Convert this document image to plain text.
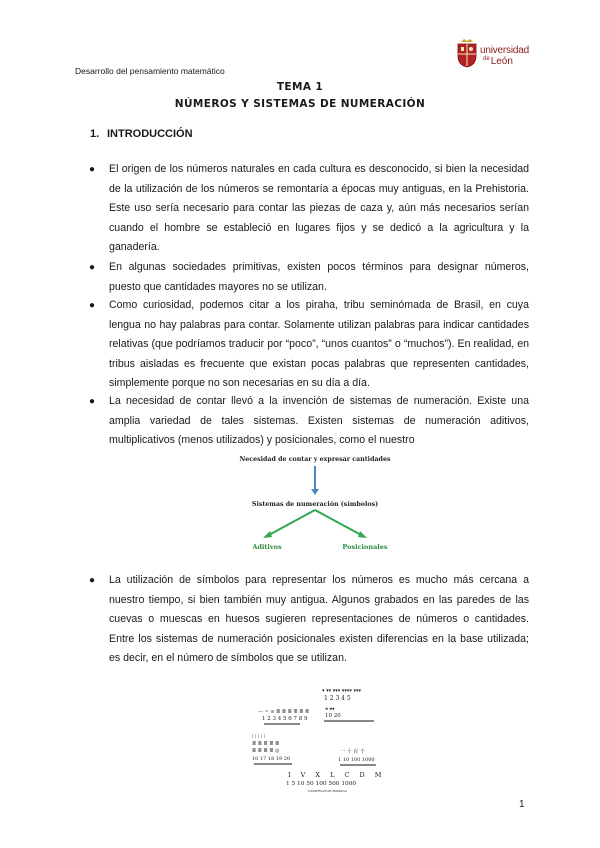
Desarrollo del pensamiento matemático
universidad
$^{de}$León
TEMA 1
NÚMEROS Y SISTEMAS DE NUMERACIÓN
1. INTRODUCCIÓN
● El origen de los números naturales en cada cultura es desconocido, si bien la necesidad de la utilización de los números se remontaría a épocas muy antiguas, en la Prehistoria. Este uso sería necesario para contar las piezas de caza y, aún más necesarios serían cuando el hombre se estableció en lugares fijos y se dedicó a la agricultura y la ganadería.
● En algunas sociedades primitivas, existen pocos términos para designar números, puesto que cantidades mayores no se utilizan.
● Como curiosidad, podemos citar a los piraha, tribu seminómada de Brasil, en cuya lengua no hay palabras para contar. Solamente utilizan palabras para indicar cantidades relativas (que podríamos traducir por “poco”, “unos cuantos” o “muchos”). En realidad, en tribus aisladas es frecuente que existan pocas palabras que representen cantidades, simplemente porque no son necesarias en su día a día.
● La necesidad de contar llevó a la invención de sistemas de numeración. Existe una amplia variedad de tales sistemas. Existen sistemas de numeración aditivos, multiplicativos (menos utilizados) y posicionales, como el nuestro
● La utilización de símbolos para representar los números es mucho más cercana a nuestro tiempo, si bien también muy antigua. Algunos grabados en las paredes de las cuevas o muescas en huesos sugieren representaciones de números o cantidades. Entre los sistemas de numeración posicionales existen diferencias en la base utilizada; es decir, en el número de símbolos que se utilizan.
Necesidad de contar y expresar cantidades
Sistemas de numeración (símbolos)
Aditivos	Posicionales
▾ ▾▾ ▾▾▾ ▾▾▾▾ ▾▾▾
1 2 3 4 5
◂ ◂◂
10 20
— = ≡ ≣ ≣ ≣ ≣ ≣ ≣
1 2 3 4 5 6 7 8 9
⁞ ⁞ ⁞ ⁞ ⁞
≣ ≣ ≣ ≣ ≣
≣ ≣ ≣ ≣ ◎
10 17 18 19 20
一 十 百 千
1 10 100 1000
I V X L C D M
1 5 10 50 100 500 1000
NUMERACIÓN ROMANA
1
